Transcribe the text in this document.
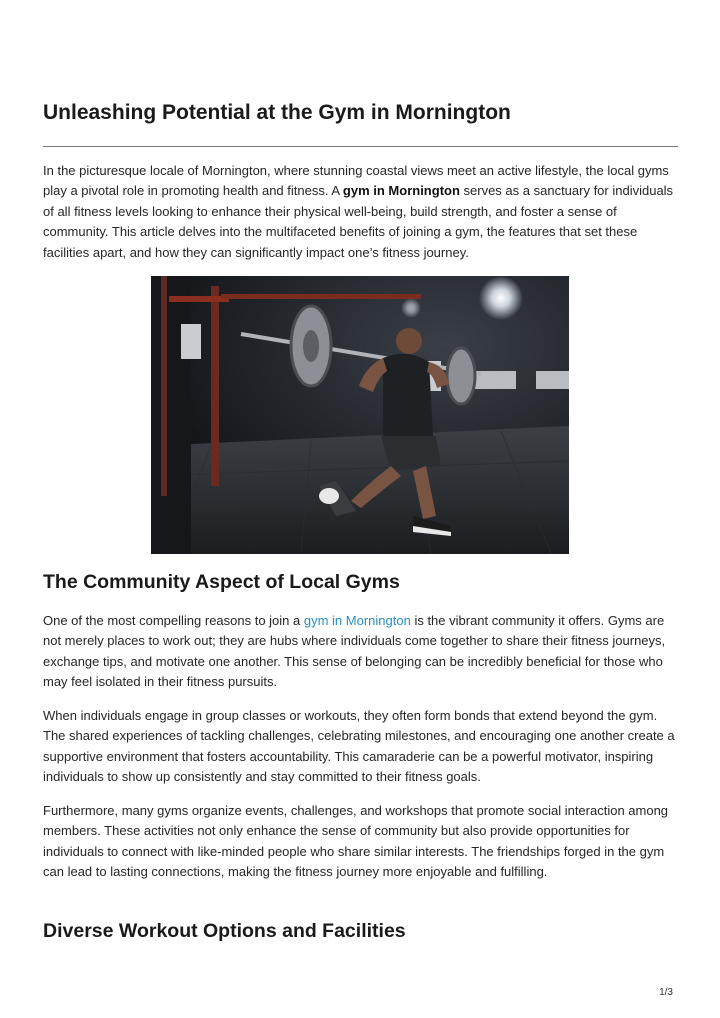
Unleashing Potential at the Gym in Mornington

In the picturesque locale of Mornington, where stunning coastal views meet an active lifestyle, the local gyms play a pivotal role in promoting health and fitness. A gym in Mornington serves as a sanctuary for individuals of all fitness levels looking to enhance their physical well-being, build strength, and foster a sense of community. This article delves into the multifaceted benefits of joining a gym, the features that set these facilities apart, and how they can significantly impact one’s fitness journey.

The Community Aspect of Local Gyms

One of the most compelling reasons to join a gym in Mornington is the vibrant community it offers. Gyms are not merely places to work out; they are hubs where individuals come together to share their fitness journeys, exchange tips, and motivate one another. This sense of belonging can be incredibly beneficial for those who may feel isolated in their fitness pursuits.

When individuals engage in group classes or workouts, they often form bonds that extend beyond the gym. The shared experiences of tackling challenges, celebrating milestones, and encouraging one another create a supportive environment that fosters accountability. This camaraderie can be a powerful motivator, inspiring individuals to show up consistently and stay committed to their fitness goals.

Furthermore, many gyms organize events, challenges, and workshops that promote social interaction among members. These activities not only enhance the sense of community but also provide opportunities for individuals to connect with like-minded people who share similar interests. The friendships forged in the gym can lead to lasting connections, making the fitness journey more enjoyable and fulfilling.

Diverse Workout Options and Facilities
1/3
